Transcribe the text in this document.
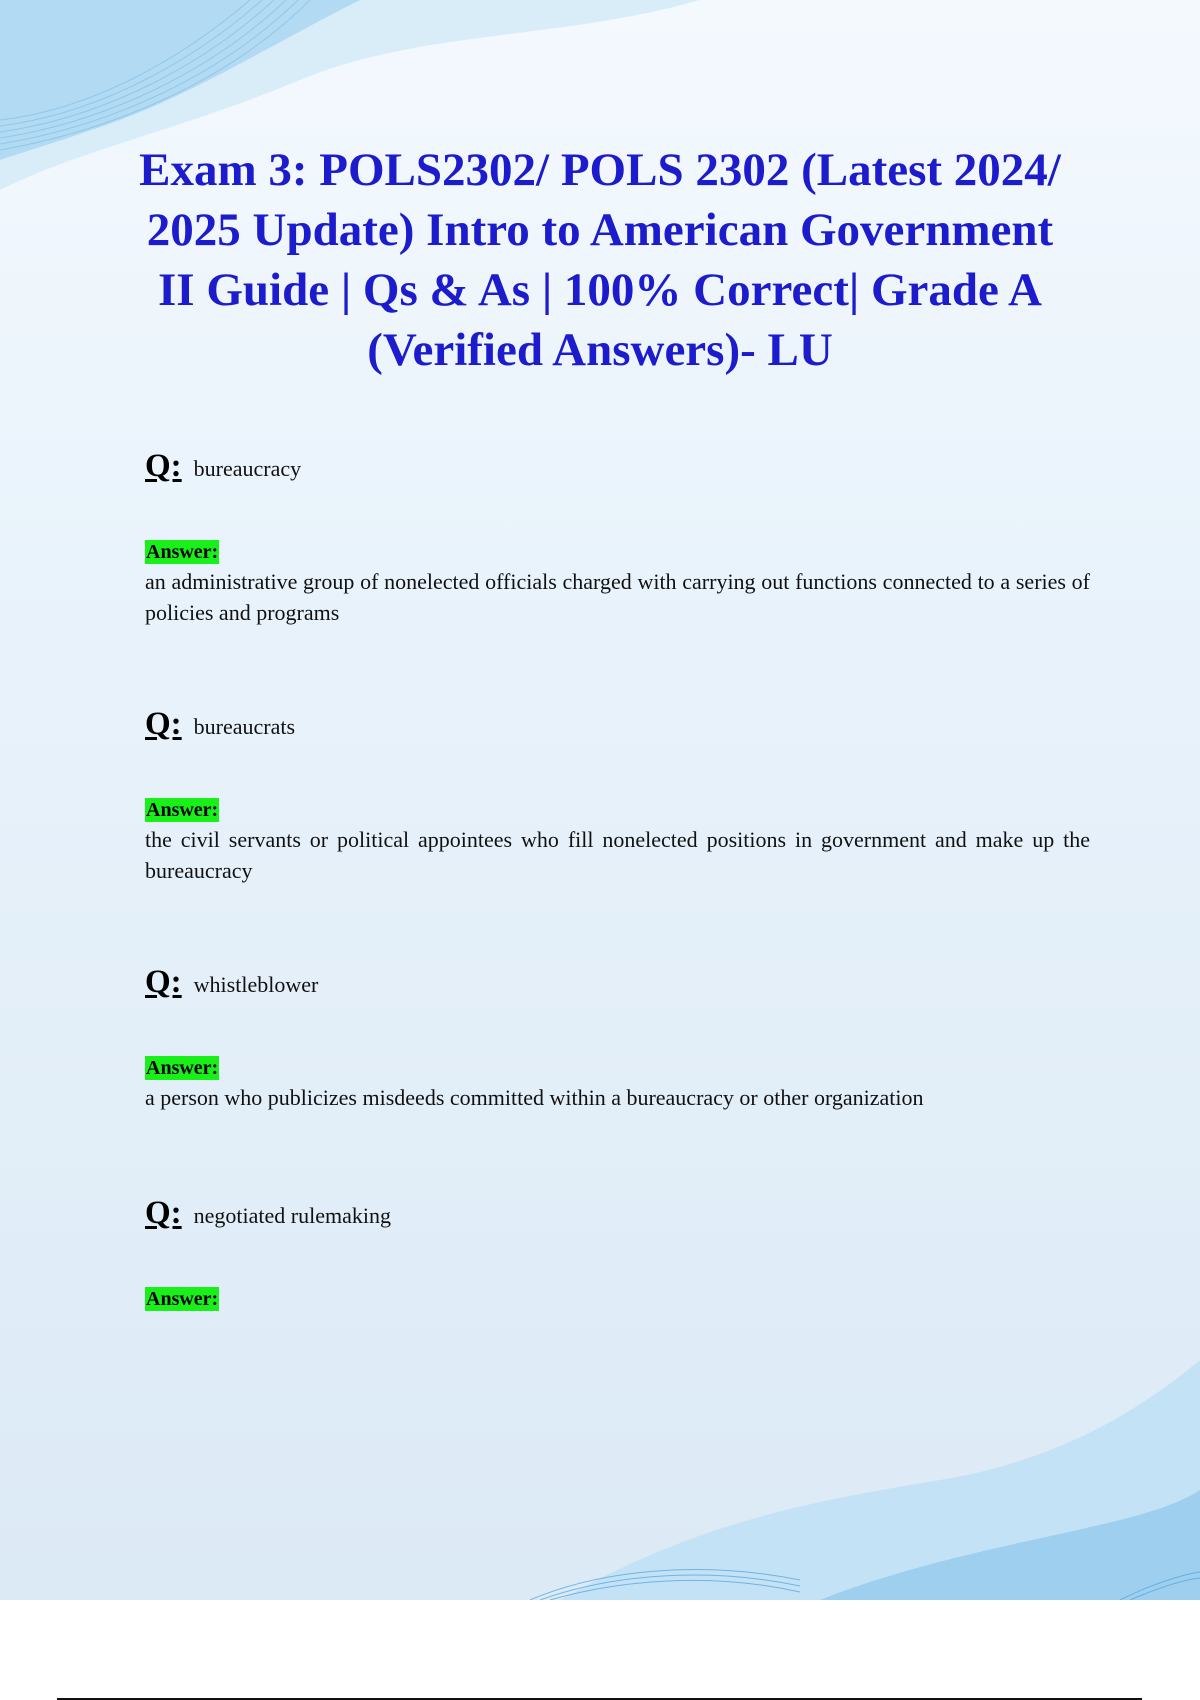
Exam 3: POLS2302/ POLS 2302 (Latest 2024/ 2025 Update) Intro to American Government II Guide | Qs & As | 100% Correct| Grade A (Verified Answers)- LU
Q: bureaucracy
Answer:
an administrative group of nonelected officials charged with carrying out functions connected to a series of policies and programs
Q: bureaucrats
Answer:
the civil servants or political appointees who fill nonelected positions in government and make up the bureaucracy
Q: whistleblower
Answer:
a person who publicizes misdeeds committed within a bureaucracy or other organization
Q: negotiated rulemaking
Answer:
